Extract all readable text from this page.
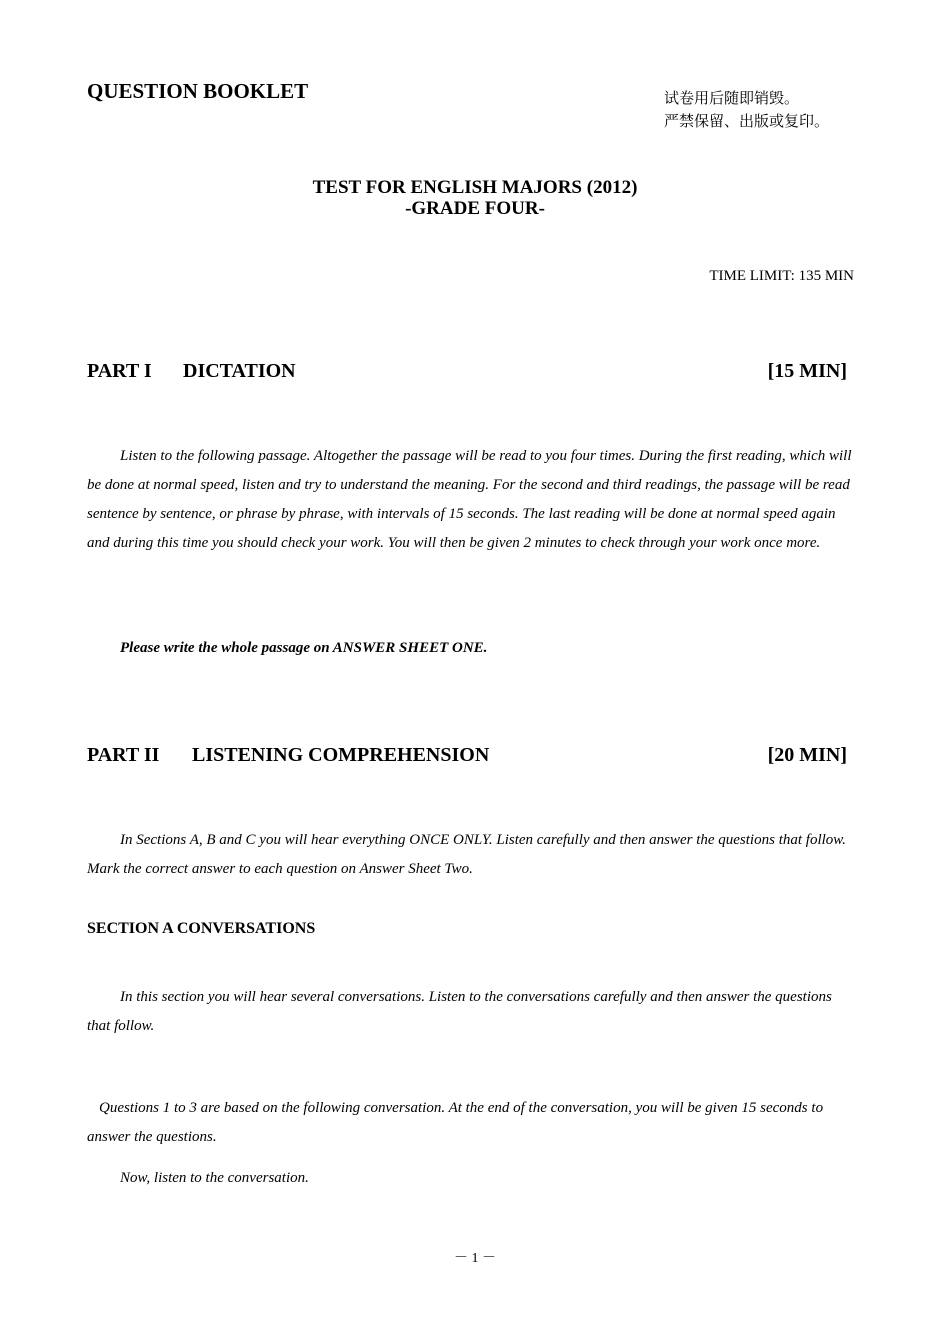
QUESTION BOOKLET	试卷用后随即销毁。
严禁保留、出版或复印。
TEST FOR ENGLISH MAJORS (2012)
-GRADE FOUR-
TIME LIMIT: 135 MIN
PART I DICTATION	[15 MIN]
Listen to the following passage. Altogether the passage will be read to you four times. During the first reading, which will be done at normal speed, listen and try to understand the meaning. For the second and third readings, the passage will be read sentence by sentence, or phrase by phrase, with intervals of 15 seconds. The last reading will be done at normal speed again and during this time you should check your work. You will then be given 2 minutes to check through your work once more.
Please write the whole passage on ANSWER SHEET ONE.
PART II LISTENING COMPREHENSION	[20 MIN]
In Sections A, B and C you will hear everything ONCE ONLY. Listen carefully and then answer the questions that follow. Mark the correct answer to each question on Answer Sheet Two.
SECTION A CONVERSATIONS
In this section you will hear several conversations. Listen to the conversations carefully and then answer the questions that follow.
Questions 1 to 3 are based on the following conversation. At the end of the conversation, you will be given 15 seconds to answer the questions.
Now, listen to the conversation.
－ 1 －
